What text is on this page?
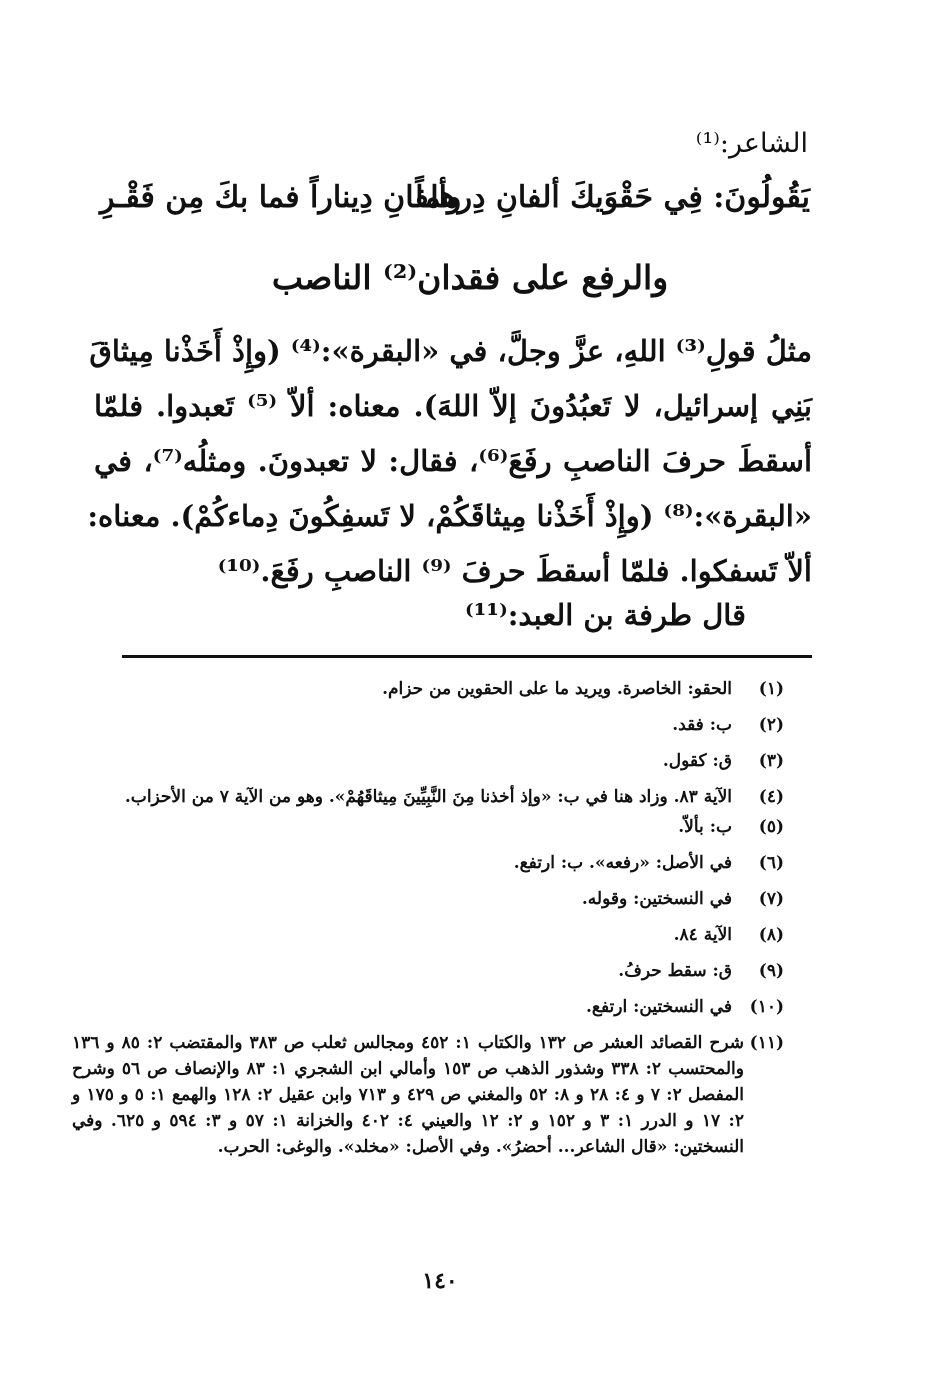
الشاعر:⁽¹⁾
يَقُولُونَ: فِي حَقْوَيكَ ألفانِ دِرهماً
وألفانِ دِيناراً فما بكَ مِن فَقْـرِ
والرفع على فقدان⁽²⁾ الناصب
مثلُ قولِ⁽³⁾ اللهِ، عزَّ وجلَّ، في «البقرة»:⁽⁴⁾ (وإِذْ أَخَذْنا مِيثاقَ
بَنِي إسرائيل، لا تَعبُدُونَ إلاّ اللهَ). معناه: ألاّ ⁽⁵⁾ تَعبدوا. فلمّا
أسقطَ حرفَ الناصبِ رفَعَ⁽⁶⁾، فقال: لا تعبدونَ. ومثلُه⁽⁷⁾، في
«البقرة»:⁽⁸⁾ (وإِذْ أَخَذْنا مِيثاقَكُمْ، لا تَسفِكُونَ دِماءكُمْ). معناه:
ألاّ تَسفكوا. فلمّا أسقطَ حرفَ ⁽⁹⁾ الناصبِ رفَعَ.⁽¹⁰⁾
قال طرفة بن العبد:⁽¹¹⁾
(١)
الحقو: الخاصرة. ويريد ما على الحقوين من حزام.
(٢)
ب: فقد.
(٣)
ق: كقول.
(٤)
الآية ٨٣. وزاد هنا في ب: «وإذ أخذنا مِنَ النَّبِيِّينَ مِيثاقَهُمْ». وهو من الآية ٧ من الأحزاب.
(٥)
ب: بألاّ.
(٦)
في الأصل: «رفعه». ب: ارتفع.
(٧)
في النسختين: وقوله.
(٨)
الآية ٨٤.
(٩)
ق: سقط حرفُ.
(١٠)
في النسختين: ارتفع.
(١١)
شرح القصائد العشر ص ١٣٢ والكتاب ١: ٤٥٢ ومجالس ثعلب ص ٣٨٣ والمقتضب ٢: ٨٥ و ١٣٦ والمحتسب ٢: ٣٣٨ وشذور الذهب ص ١٥٣ وأمالي ابن الشجري ١: ٨٣ والإنصاف ص ٥٦ وشرح المفصل ٢: ٧ و ٤: ٢٨ و ٨: ٥٢ والمغني ص ٤٢٩ و ٧١٣ وابن عقيل ٢: ١٢٨ والهمع ١: ٥ و ١٧٥ و ٢: ١٧ و الدرر ١: ٣ و ١٥٢ و ٢: ١٢ والعيني ٤: ٤٠٢ والخزانة ١: ٥٧ و ٣: ٥٩٤ و ٦٢٥. وفي النسختين: «قال الشاعر... أحضرُ». وفي الأصل: «مخلد». والوغى: الحرب.
١٤٠
